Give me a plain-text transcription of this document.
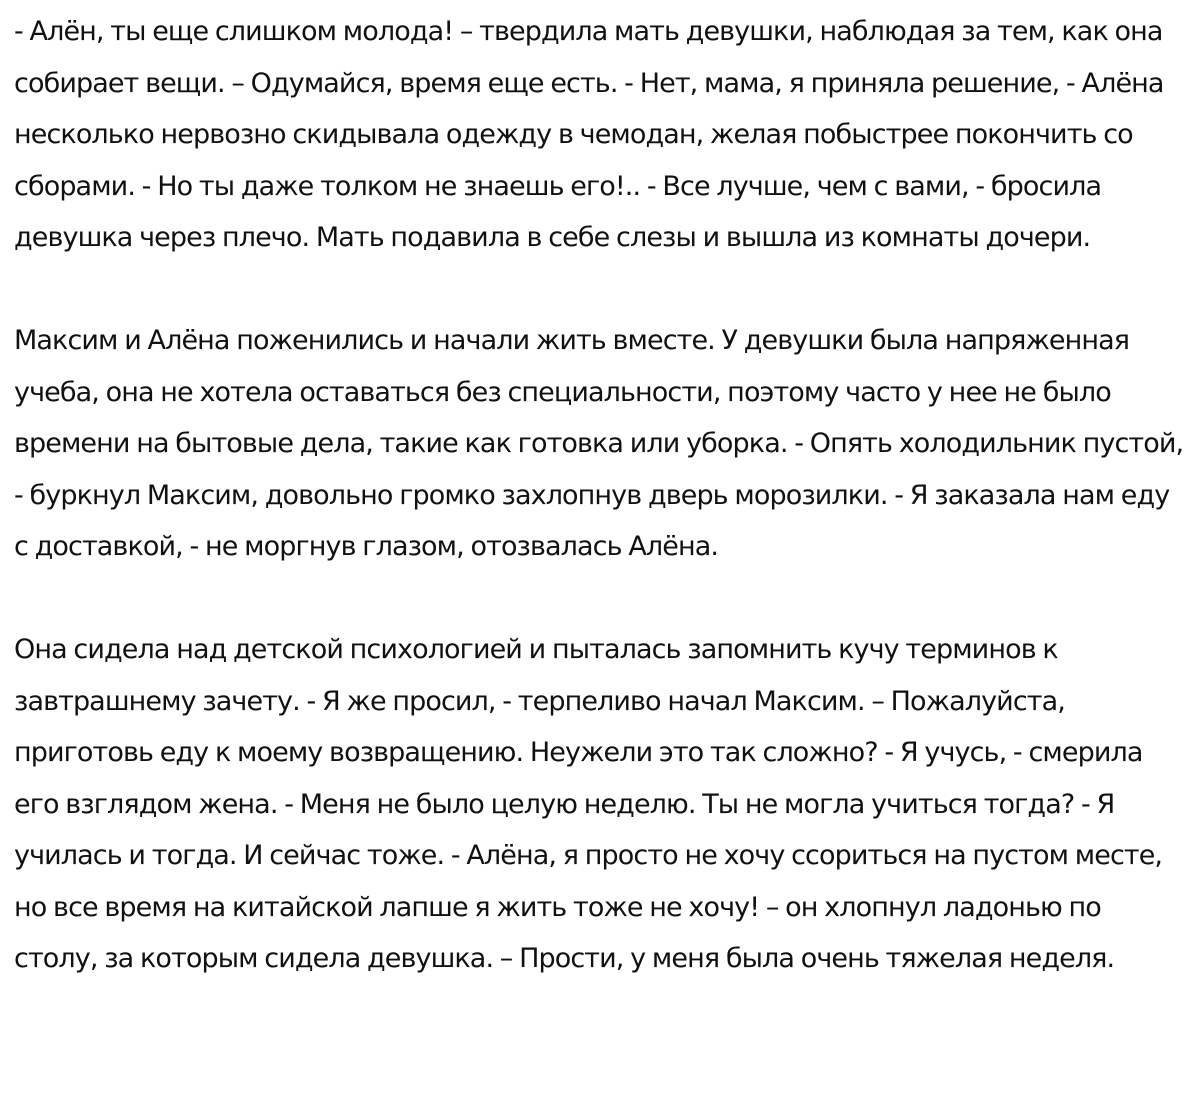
- Алён, ты еще слишком молода! – твердила мать девушки, наблюдая за тем, как она собирает вещи. – Одумайся, время еще есть. - Нет, мама, я приняла решение, - Алёна несколько нервозно скидывала одежду в чемодан, желая побыстрее покончить со сборами. - Но ты даже толком не знаешь его!.. - Все лучше, чем с вами, - бросила девушка через плечо. Мать подавила в себе слезы и вышла из комнаты дочери.

Максим и Алёна поженились и начали жить вместе. У девушки была напряженная учеба, она не хотела оставаться без специальности, поэтому часто у нее не было времени на бытовые дела, такие как готовка или уборка. - Опять холодильник пустой, - буркнул Максим, довольно громко захлопнув дверь морозилки. - Я заказала нам еду с доставкой, - не моргнув глазом, отозвалась Алёна.

Она сидела над детской психологией и пыталась запомнить кучу терминов к завтрашнему зачету. - Я же просил, - терпеливо начал Максим. – Пожалуйста, приготовь еду к моему возвращению. Неужели это так сложно? - Я учусь, - смерила его взглядом жена. - Меня не было целую неделю. Ты не могла учиться тогда? - Я училась и тогда. И сейчас тоже. - Алёна, я просто не хочу ссориться на пустом месте, но все время на китайской лапше я жить тоже не хочу! – он хлопнул ладонью по столу, за которым сидела девушка. – Прости, у меня была очень тяжелая неделя.
